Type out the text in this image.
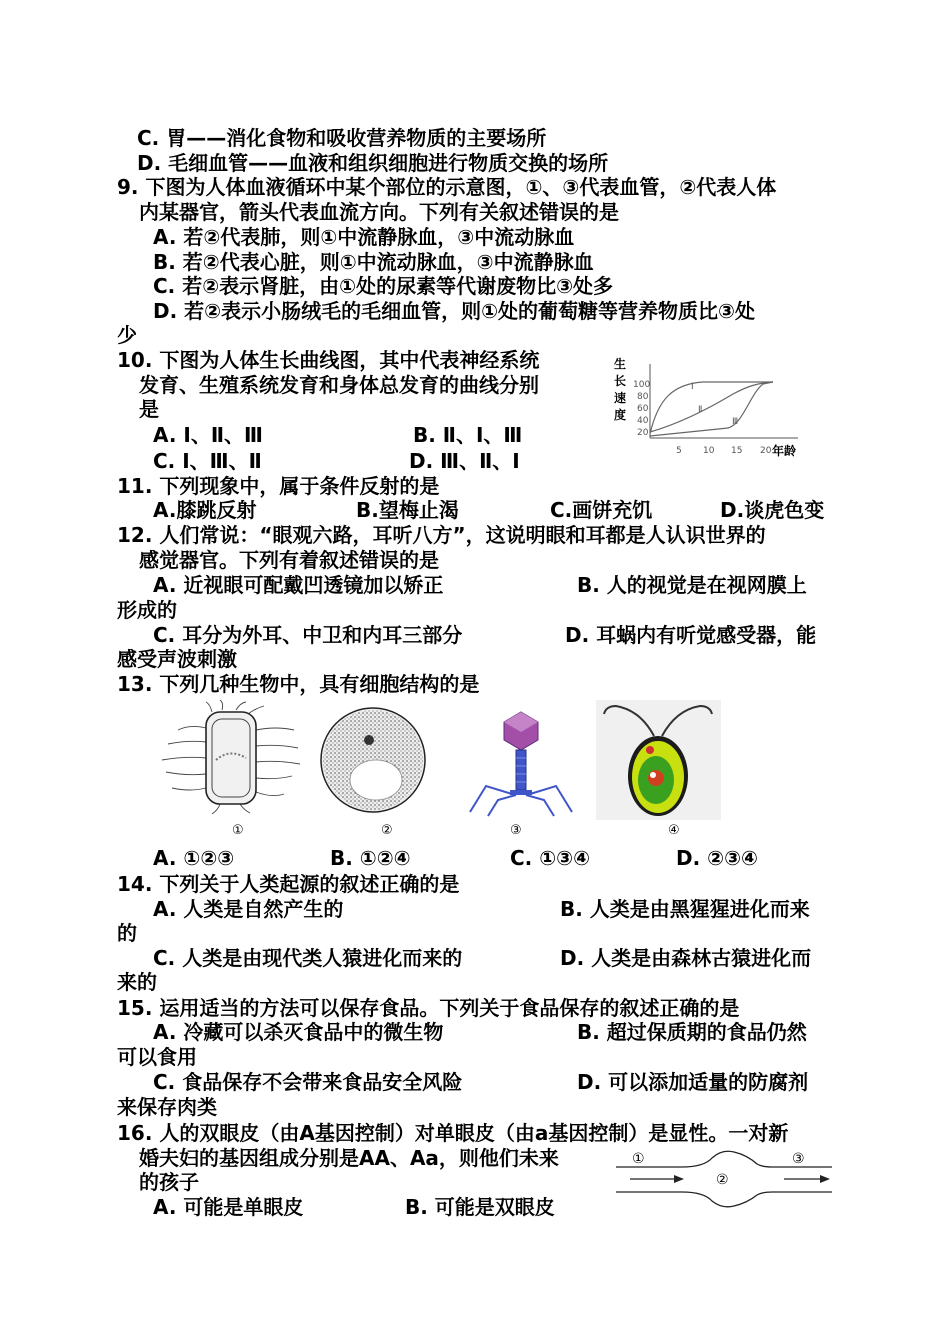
C. 胃——消化食物和吸收营养物质的主要场所
D. 毛细血管——血液和组织细胞进行物质交换的场所
9. 下图为人体血液循环中某个部位的示意图，①、③代表血管，②代表人体
内某器官，箭头代表血流方向。下列有关叙述错误的是
A. 若②代表肺，则①中流静脉血，③中流动脉血
B. 若②代表心脏，则①中流动脉血，③中流静脉血
C. 若②表示肾脏，由①处的尿素等代谢废物比③处多
D. 若②表示小肠绒毛的毛细血管，则①处的葡萄糖等营养物质比③处
少
10. 下图为人体生长曲线图，其中代表神经系统
发育、生殖系统发育和身体总发育的曲线分别
是
A. Ⅰ、Ⅱ、Ⅲ	B. Ⅱ、Ⅰ、Ⅲ
C. Ⅰ、Ⅲ、Ⅱ	D. Ⅲ、Ⅱ、Ⅰ
11. 下列现象中，属于条件反射的是
A.膝跳反射	B.望梅止渴	C.画饼充饥	D.谈虎色变
12. 人们常说：“眼观六路，耳听八方”，这说明眼和耳都是人认识世界的
感觉器官。下列有着叙述错误的是
A. 近视眼可配戴凹透镜加以矫正	B. 人的视觉是在视网膜上
形成的
C. 耳分为外耳、中卫和内耳三部分	D. 耳蜗内有听觉感受器，能
感受声波刺激
13. 下列几种生物中，具有细胞结构的是
A. ①②③	B. ①②④	C. ①③④	D. ②③④
14. 下列关于人类起源的叙述正确的是
A. 人类是自然产生的	B. 人类是由黑猩猩进化而来
的
C. 人类是由现代类人猿进化而来的	D. 人类是由森林古猿进化而
来的
15. 运用适当的方法可以保存食品。下列关于食品保存的叙述正确的是
A. 冷藏可以杀灭食品中的微生物	B. 超过保质期的食品仍然
可以食用
C. 食品保存不会带来食品安全风险	D. 可以添加适量的防腐剂
来保存肉类
16. 人的双眼皮（由A基因控制）对单眼皮（由a基因控制）是显性。一对新
婚夫妇的基因组成分别是AA、Aa，则他们未来
的孩子
A. 可能是单眼皮	B. 可能是双眼皮
生
长
速
度
100
80
60
40
20
5 10 15 20 年龄
Ⅰ
Ⅱ
Ⅲ
①	②	③	④
①
②
③
